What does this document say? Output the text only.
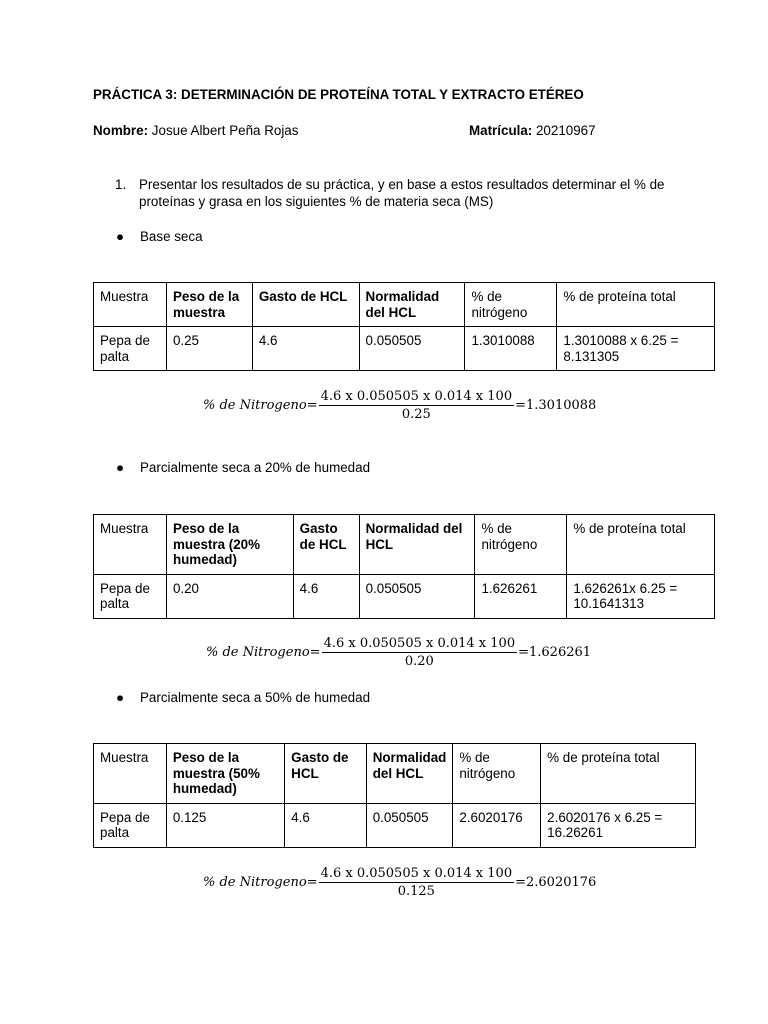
PRÁCTICA 3: DETERMINACIÓN DE PROTEÍNA TOTAL Y EXTRACTO ETÉREO
Nombre: Josue Albert Peña Rojas	Matrícula: 20210967
1. Presentar los resultados de su práctica, y en base a estos resultados determinar el % de proteínas y grasa en los siguientes % de materia seca (MS)
● Base seca
Muestra	Peso de la muestra	Gasto de HCL	Normalidad del HCL	% de nitrógeno	% de proteína total
Pepa de palta	0.25	4.6	0.050505	1.3010088	1.3010088 x 6.25 = 8.131305
% de Nitrogeno = $\frac{4.6 x 0.050505 x 0.014 x 100}{0.25} = 1.3010088$
● Parcialmente seca a 20% de humedad
Muestra	Peso de la muestra (20% humedad)	Gasto de HCL	Normalidad del HCL	% de nitrógeno	% de proteína total
Pepa de palta	0.20	4.6	0.050505	1.626261	1.626261x 6.25 = 10.1641313
% de Nitrogeno = $\frac{4.6 x 0.050505 x 0.014 x 100}{0.20} = 1.626261$
● Parcialmente seca a 50% de humedad
Muestra	Peso de la muestra (50% humedad)	Gasto de HCL	Normalidad del HCL	% de nitrógeno	% de proteína total
Pepa de palta	0.125	4.6	0.050505	2.6020176	2.6020176 x 6.25 = 16.26261
% de Nitrogeno = $\frac{4.6 x 0.050505 x 0.014 x 100}{0.125} = 2.6020176$
